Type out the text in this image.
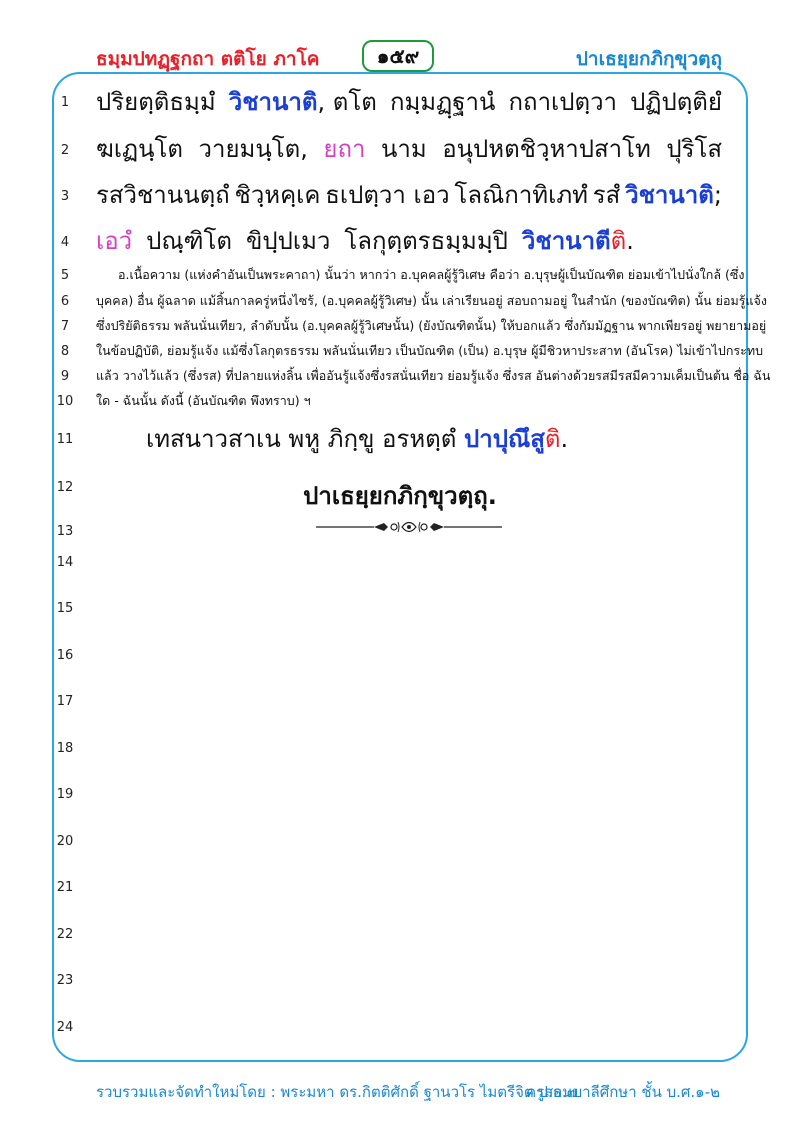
ธมฺมปทฏฺฐกถา ตติโย ภาโค	๑๕๙	ปาเธยฺยกภิกฺขุวตฺถุ
1
2
3
4
5
6
7
8
9
10
11
12
13
14
15
16
17
18
19
20
21
22
23
24
ปริยตฺติธมฺมํ วิชานาติ, ตโต กมฺมฏฺฐานํ กถาเปตฺวา ปฏิปตฺติยํ
ฆเฏนฺโต วายมนฺโต, ยถา นาม อนุปหตชิวฺหาปสาโท ปุริโส
รสวิชานนตฺถํ ชิวฺหคฺเค ธเปตฺวา เอว โลณิกาทิเภทํ รสํ วิชานาติ;
เอวํ ปณฺฑิโต ขิปฺปเมว โลกุตฺตรธมฺมมฺปิ วิชานาตีติ.
อ.เนื้อความ (แห่งคำอันเป็นพระคาถา) นั้นว่า หากว่า อ.บุคคลผู้รู้วิเศษ คือว่า อ.บุรุษผู้เป็นบัณฑิต ย่อมเข้าไปนั่งใกล้ (ซึ่ง
บุคคล) อื่น ผู้ฉลาด แม้สิ้นกาลครู่หนึ่งไซร้, (อ.บุคคลผู้รู้วิเศษ) นั้น เล่าเรียนอยู่ สอบถามอยู่ ในสำนัก (ของบัณฑิต) นั้น ย่อมรู้แจ้ง
ซึ่งปริยัติธรรม พลันนั่นเทียว, ลำดับนั้น (อ.บุคคลผู้รู้วิเศษนั้น) (ยังบัณฑิตนั้น) ให้บอกแล้ว ซึ่งกัมมัฏฐาน พากเพียรอยู่ พยายามอยู่
ในข้อปฏิบัติ, ย่อมรู้แจ้ง แม้ซึ่งโลกุตรธรรม พลันนั่นเทียว เป็นบัณฑิต (เป็น) อ.บุรุษ ผู้มีชิวหาประสาท (อันโรค) ไม่เข้าไปกระทบ
แล้ว วางไว้แล้ว (ซึ่งรส) ที่ปลายแห่งลิ้น เพื่ออันรู้แจ้งซึ่งรสนั่นเทียว ย่อมรู้แจ้ง ซึ่งรส อันต่างด้วยรสมีรสมีความเค็มเป็นต้น ชื่อ ฉัน
ใด - ฉันนั้น ดังนี้ (อันบัณฑิต พึงทราบ) ฯ
เทสนาวสาเน พหู ภิกฺขู อรหตฺตํ ปาปุณึสูติ.
ปาเธยฺยกภิกฺขุวตฺถุ.
รวบรวมและจัดทำใหม่โดย : พระมหา ดร.กิตติศักดิ์ ฐานวโร ไมตรีจิต ป.ธ.๗
ครูสอนบาลีศึกษา ชั้น บ.ศ.๑-๒
